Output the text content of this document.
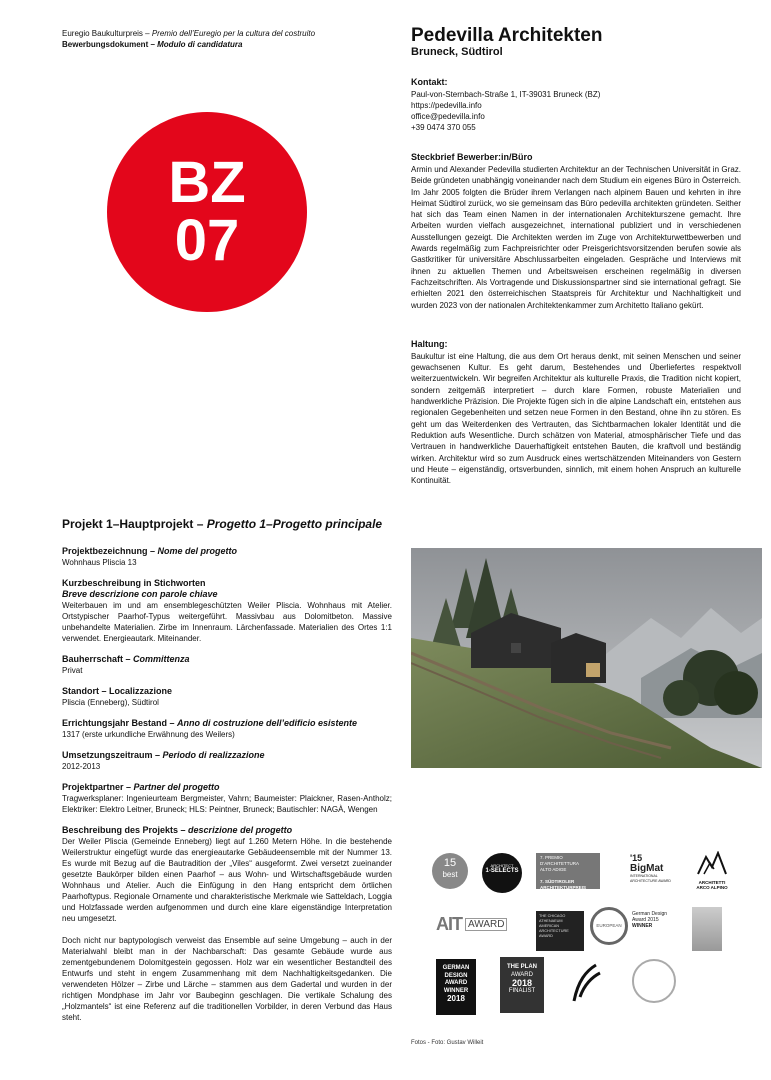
Euregio Baukulturpreis – Premio dell’Euregio per la cultura del costruito
Bewerbungsdokument – Modulo di candidatura
BZ
07
Pedevilla Architekten
Bruneck, Südtirol
Kontakt:
Paul-von-Sternbach-Straße 1, IT-39031 Bruneck (BZ)
https://pedevilla.info
office@pedevilla.info
+39 0474 370 055
Steckbrief Bewerber:in/Büro
Armin und Alexander Pedevilla studierten Architektur an der Technischen Universität in Graz. Beide gründeten unabhängig voneinander nach dem Studium ein eigenes Büro in Österreich. Im Jahr 2005 folgten die Brüder ihrem Verlangen nach alpinem Bauen und kehrten in ihre Heimat Südtirol zurück, wo sie gemeinsam das Büro pedevilla architekten gründeten. Seither hat sich das Team einen Namen in der internationalen Architekturszene gemacht. Ihre Arbeiten wurden vielfach ausgezeichnet, international publiziert und in verschiedenen Ausstellungen gezeigt. Die Architekten werden im Zuge von Architekturwettbewerben und Awards regelmäßig zum Fachpreisrichter oder Preisgerichtsvorsitzenden berufen sowie als Gastkritiker für universitäre Abschlussarbeiten eingeladen. Gespräche und Interviews mit ihnen zu aktuellen Themen und Arbeitsweisen erscheinen regelmäßig in diversen Fachzeitschriften. Als Vortragende und Diskussionspartner sind sie international gefragt. Sie erhielten 2021 den österreichischen Staatspreis für Architektur und Nachhaltigkeit und wurden 2023 von der nationalen Architektenkammer zum Architetto Italiano gekürt.
Haltung:
Baukultur ist eine Haltung, die aus dem Ort heraus denkt, mit seinen Menschen und seiner gewachsenen Kultur. Es geht darum, Bestehendes und Überliefertes respektvoll weiterzuentwickeln. Wir begreifen Architektur als kulturelle Praxis, die Tradition nicht kopiert, sondern zeitgemäß interpretiert – durch klare Formen, robuste Materialien und handwerkliche Präzision. Die Projekte fügen sich in die alpine Landschaft ein, entstehen aus regionalen Gegebenheiten und setzen neue Formen in den Bestand, ohne ihn zu stören. Es geht um das Weiterdenken des Vertrauten, das Sichtbarmachen lokaler Identität und die Reduktion aufs Wesentliche. Durch schätzen von Material, atmosphärischer Tiefe und das Vertrauen in handwerkliche Dauerhaftigkeit entstehen Bauten, die kraftvoll und beständig wirken. Architektur wird so zum Ausdruck eines wertschätzenden Miteinanders von Gestern und Heute – eigenständig, ortsverbunden, sinnlich, mit einem hohen Anspruch an kulturelle Kontinuität.
Projekt 1–Hauptprojekt – Progetto 1–Progetto principale
Projektbezeichnung – Nome del progetto
Wohnhaus Pliscia 13
Kurzbeschreibung in Stichworten
Breve descrizione con parole chiave
Weiterbauen im und am ensemblegeschützten Weiler Pliscia. Wohnhaus mit Atelier. Ortstypischer Paarhof-Typus weitergeführt. Massivbau aus Dolomitbeton. Massive unbehandelte Materialien. Zirbe im Innenraum. Lärchenfassade. Materialien des Ortes 1:1 verwendet. Energieautark. Miteinander.
Bauherrschaft – Committenza
Privat
Standort – Localizzazione
Pliscia (Enneberg), Südtirol
Errichtungsjahr Bestand – Anno di costruzione dell’edificio esistente
1317 (erste urkundliche Erwähnung des Weilers)
Umsetzungszeitraum – Periodo di realizzazione
2012-2013
Projektpartner – Partner del progetto
Tragwerksplaner: Ingenieurteam Bergmeister, Vahrn; Baumeister: Plaickner, Rasen-Antholz; Elektriker: Elektro Leitner, Bruneck; HLS: Peintner, Bruneck; Bautischler: NAGÀ, Wengen
Beschreibung des Projekts – descrizione del progetto
Der Weiler Pliscia (Gemeinde Enneberg) liegt auf 1.260 Metern Höhe. In die bestehende Weilerstruktur eingefügt wurde das energieautarke Gebäudeensemble mit der Nummer 13. Es wurde mit Bezug auf die Bautradition der „Viles“ ausgeformt. Zwei versetzt zueinander gesetzte Baukörper bilden einen Paarhof – aus Wohn- und Wirtschaftsgebäude wurden Wohnhaus und Atelier. Auch die Einfügung in den Hang entspricht dem örtlichen Paarhoftypus. Regionale Ornamente und charakteristische Merkmale wie Satteldach, Loggia und Holzfassade werden aufgenommen und durch eine klare eigenständige Interpretation neu umgesetzt.
Doch nicht nur baptypologisch verweist das Ensemble auf seine Umgebung – auch in der Materialwahl bleibt man in der Nachbarschaft: Das gesamte Gebäude wurde aus zementgebundenem Dolomitgestein gegossen. Holz war ein wesentlicher Bestandteil des Entwurfs und steht in engem Zusammenhang mit dem Nachhaltigkeitsgedanken. Die verwendeten Hölzer – Zirbe und Lärche – stammen aus dem Gadertal und wurden in der richtigen Mondphase im Jahr vor Baubeginn geschlagen. Die vertikale Schalung des „Holzmantels“ ist eine Referenz auf die traditionellen Vorbilder, in deren Verbund das Haus steht.
15
best
ARCHITECT
1-SELECTS
7. PREMIO D’ARCHITETTURA
ALTO ADIGE
7. SÜDTIROLER
ARCHITEKTURPREIS
'15
BigMat
INTERNATIONAL ARCHITECTURE AWARD	ARCHITETTI ARCO ALPINO
AIT AWARD
THE CHICAGO ATHENAEUM AMERICAN ARCHITECTURE AWARD
EUROPEAN
German Design Award 2015
WINNER
GERMAN
DESIGN
AWARD
WINNER
2018
THE PLAN
AWARD
2018
FINALIST
Fotos - Foto: Gustav Willeit
